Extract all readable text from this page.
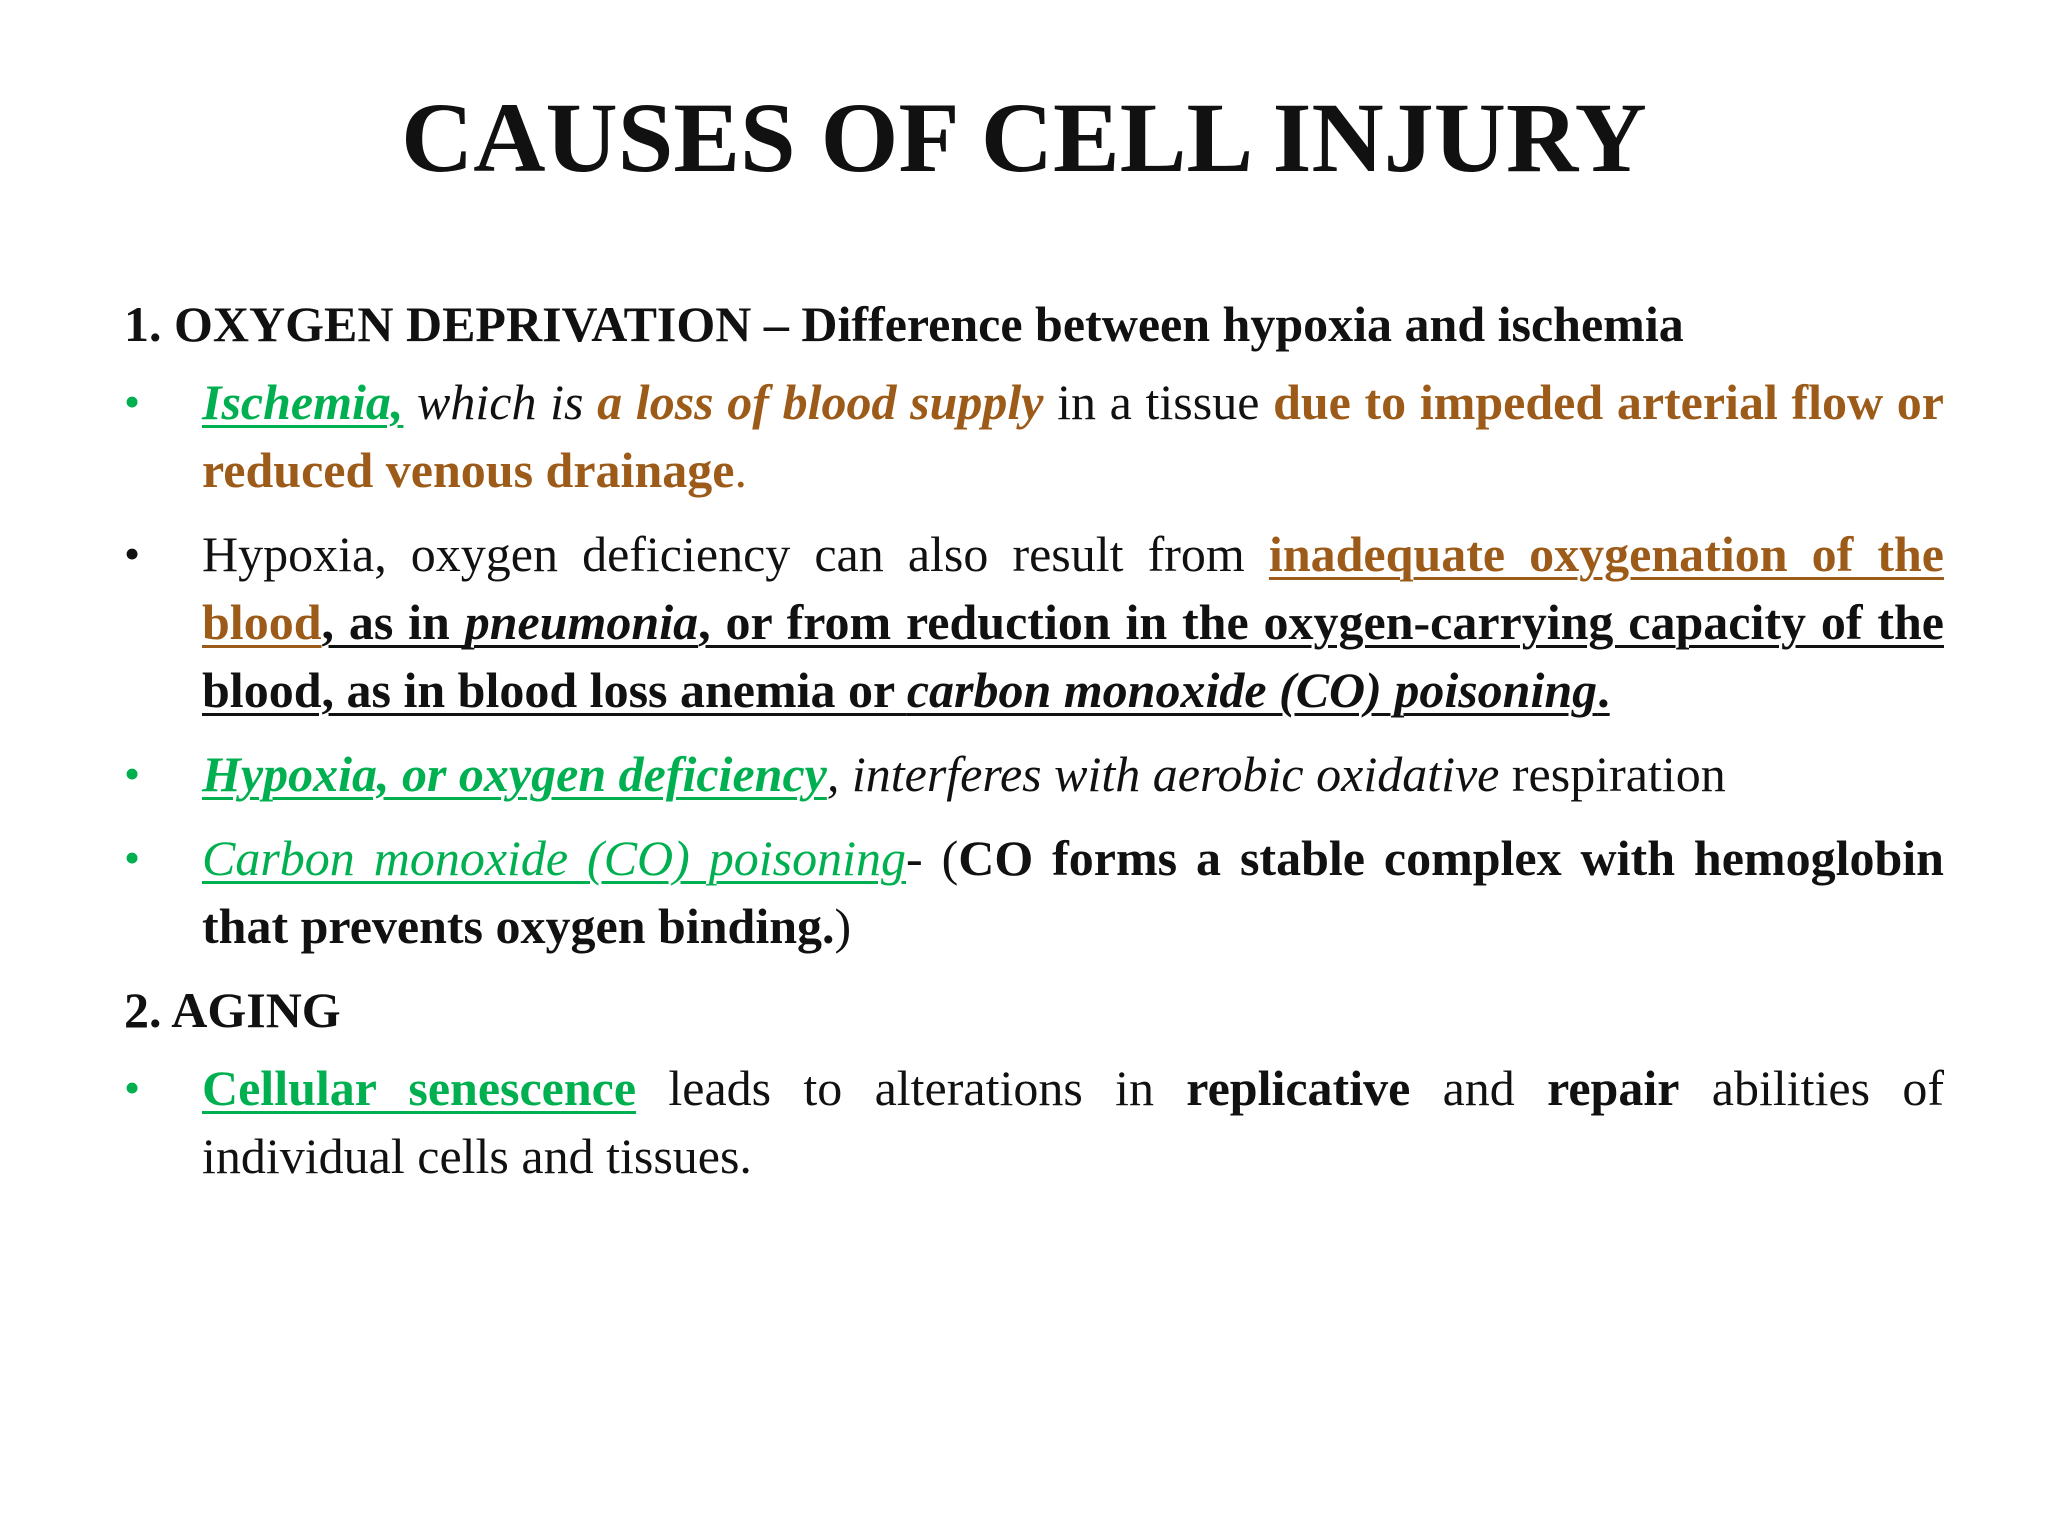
CAUSES OF CELL INJURY

1. OXYGEN DEPRIVATION – Difference between hypoxia and ischemia

• Ischemia, which is a loss of blood supply in a tissue due to impeded arterial flow or reduced venous drainage.
• Hypoxia, oxygen deficiency can also result from inadequate oxygenation of the blood, as in pneumonia, or from reduction in the oxygen-carrying capacity of the blood, as in blood loss anemia or carbon monoxide (CO) poisoning.
• Hypoxia, or oxygen deficiency, interferes with aerobic oxidative respiration
• Carbon monoxide (CO) poisoning- (CO forms a stable complex with hemoglobin that prevents oxygen binding.)

2. AGING

• Cellular senescence leads to alterations in replicative and repair abilities of individual cells and tissues.
